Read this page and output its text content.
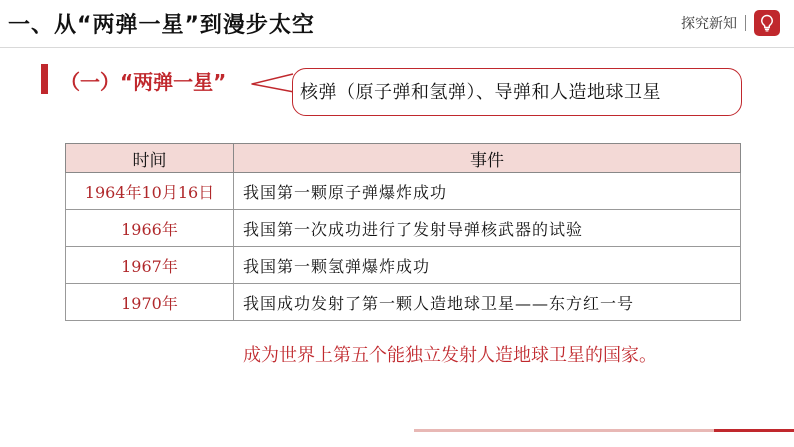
一、从“两弹一星”到漫步太空	探究新知
（一）“两弹一星”	核弹（原子弹和氢弹）、导弹和人造地球卫星
时间	事件
1964年10月16日	我国第一颗原子弹爆炸成功
1966年	我国第一次成功进行了发射导弹核武器的试验
1967年	我国第一颗氢弹爆炸成功
1970年	我国成功发射了第一颗人造地球卫星——东方红一号
成为世界上第五个能独立发射人造地球卫星的国家。
